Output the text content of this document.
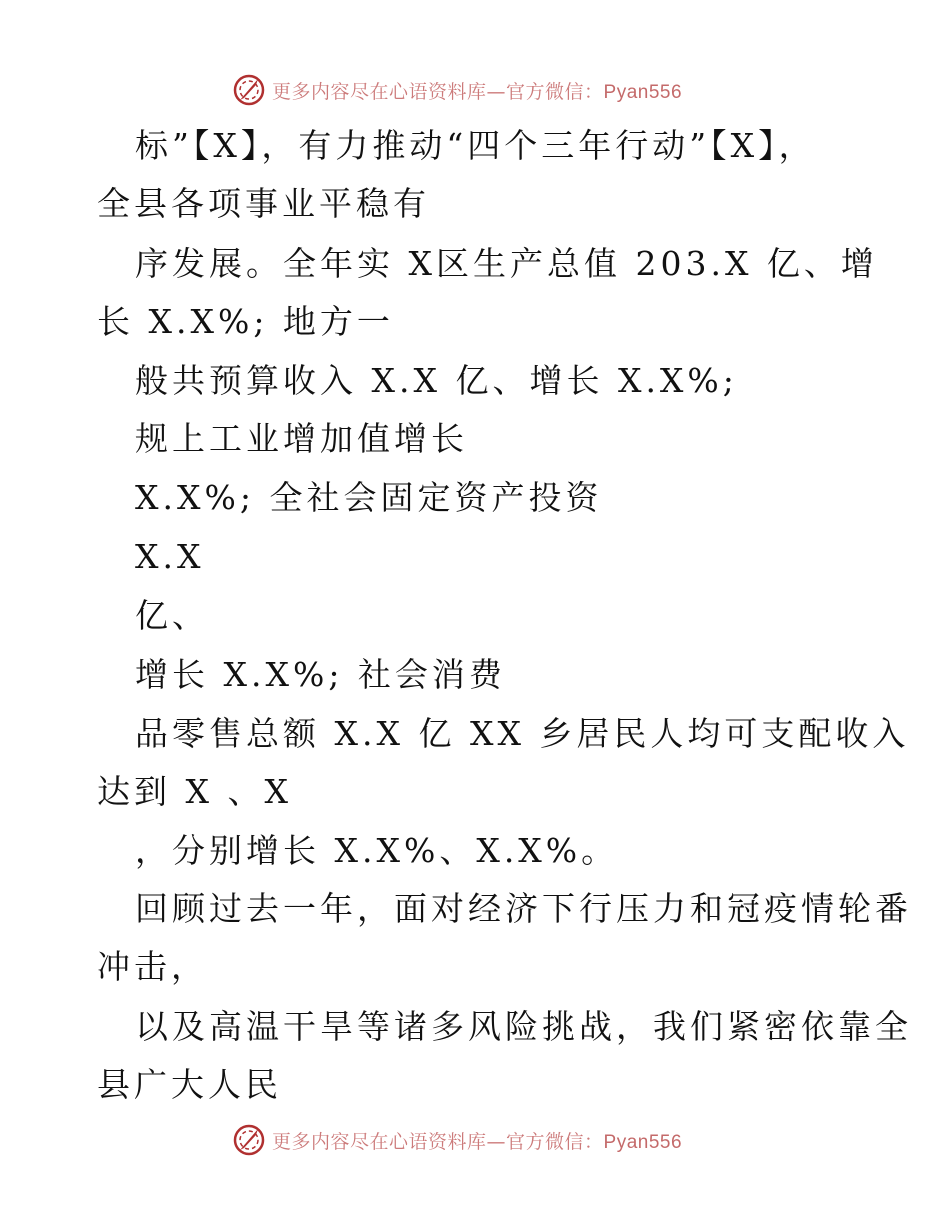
更多内容尽在心语资料库—官方微信：Pyan556
标”【X】，有力推动“四个三年行动”【X】，
全县各项事业平稳有
序发展。全年实 X区生产总值 203.X 亿、增
长 X.X%; 地方一
般共预算收入 X.X 亿、增长 X.X%;
规上工业增加值增长
X.X%; 全社会固定资产投资
X.X
亿、
增长 X.X%; 社会消费
品零售总额 X.X 亿 XX 乡居民人均可支配收入
达到 X 、X
，分别增长 X.X%、X.X%。
回顾过去一年，面对经济下行压力和冠疫情轮番
冲击，
以及高温干旱等诸多风险挑战，我们紧密依靠全
县广大人民
更多内容尽在心语资料库—官方微信：Pyan556
